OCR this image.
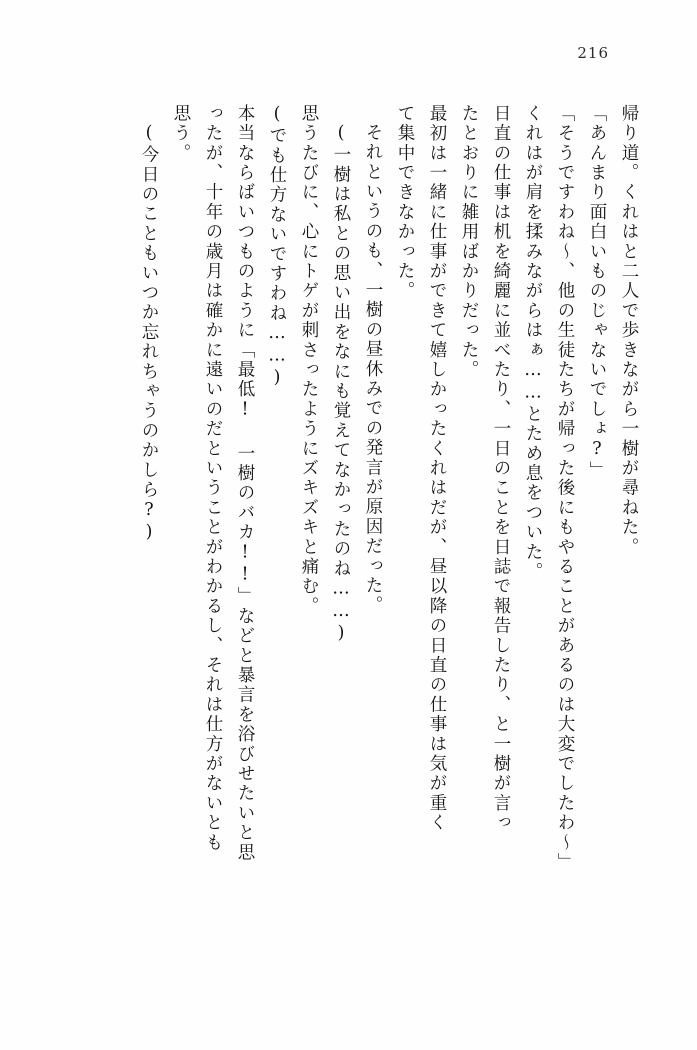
216
帰り道。くれはと二人で歩きながら一樹が尋ねた。
「あんまり面白いものじゃないでしょ?」
「そうですわね～、他の生徒たちが帰った後にもやることがあるのは大変でしたわ～」
くれはが肩を揉みながらはぁ……とため息をついた。
日直の仕事は机を綺麗に並べたり、一日のことを日誌で報告したり、と一樹が言っ
たとおりに雑用ばかりだった。
最初は一緒に仕事ができて嬉しかったくれはだが、昼以降の日直の仕事は気が重く
て集中できなかった。
それというのも、一樹の昼休みでの発言が原因だった。
(一樹は私との思い出をなにも覚えてなかったのね……)
思うたびに、心にトゲが刺さったようにズキズキと痛む。
(でも仕方ないですわね……)
本当ならばいつものように「最低! 一樹のバカ!!」などと暴言を浴びせたいと思
ったが、十年の歳月は確かに遠いのだということがわかるし、それは仕方がないとも
思う。
(今日のこともいつか忘れちゃうのかしら?)
